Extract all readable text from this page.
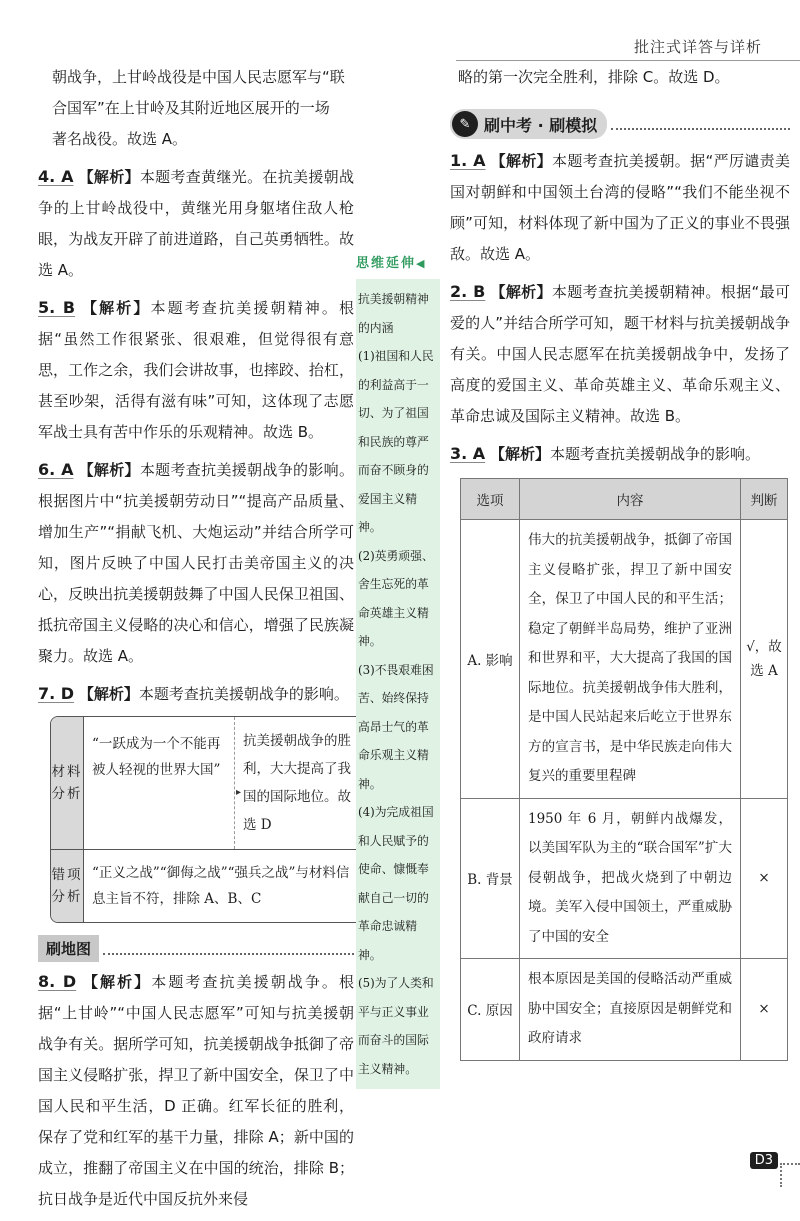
批注式详答与详析
朝战争，上甘岭战役是中国人民志愿军与“联
合国军”在上甘岭及其附近地区展开的一场
著名战役。故选 A。
4. A 【解析】本题考查黄继光。在抗美援朝战争的上甘岭战役中，黄继光用身躯堵住敌人枪眼，为战友开辟了前进道路，自己英勇牺牲。故选 A。
5. B 【解析】本题考查抗美援朝精神。根据“虽然工作很紧张、很艰难，但觉得很有意思，工作之余，我们会讲故事，也摔跤、抬杠，甚至吵架，活得有滋有味”可知，这体现了志愿军战士具有苦中作乐的乐观精神。故选 B。
6. A 【解析】本题考查抗美援朝战争的影响。根据图片中“抗美援朝劳动日”“提高产品质量、增加生产”“捐献飞机、大炮运动”并结合所学可知，图片反映了中国人民打击美帝国主义的决心，反映出抗美援朝鼓舞了中国人民保卫祖国、抵抗帝国主义侵略的决心和信心，增强了民族凝聚力。故选 A。
7. D 【解析】本题考查抗美援朝战争的影响。
材料分析
“一跃成为一个不能再被人轻视的世界大国” ▸
抗美援朝战争的胜利，大大提高了我国的国际地位。故选 D
错项分析
“正义之战”“御侮之战”“强兵之战”与材料信息主旨不符，排除 A、B、C
刷地图
8. D 【解析】本题考查抗美援朝战争。根据“上甘岭”“中国人民志愿军”可知与抗美援朝战争有关。据所学可知，抗美援朝战争抵御了帝国主义侵略扩张，捍卫了新中国安全，保卫了中国人民和平生活，D 正确。红军长征的胜利，保存了党和红军的基干力量，排除 A；新中国的成立，推翻了帝国主义在中国的统治，排除 B；抗日战争是近代中国反抗外来侵
思维延伸◀

抗美援朝精神的内涵

(1)祖国和人民的利益高于一切、为了祖国和民族的尊严而奋不顾身的爱国主义精神。

(2)英勇顽强、舍生忘死的革命英雄主义精神。

(3)不畏艰难困苦、始终保持高昂士气的革命乐观主义精神。

(4)为完成祖国和人民赋予的使命、慷慨奉献自己一切的革命忠诚精神。

(5)为了人类和平与正义事业而奋斗的国际主义精神。

略的第一次完全胜利，排除 C。故选 D。
✎ 刷中考 · 刷模拟
1. A 【解析】本题考查抗美援朝。据“严厉谴责美国对朝鲜和中国领土台湾的侵略”“我们不能坐视不顾”可知，材料体现了新中国为了正义的事业不畏强敌。故选 A。
2. B 【解析】本题考查抗美援朝精神。根据“最可爱的人”并结合所学可知，题干材料与抗美援朝战争有关。中国人民志愿军在抗美援朝战争中，发扬了高度的爱国主义、革命英雄主义、革命乐观主义、革命忠诚及国际主义精神。故选 B。
3. A 【解析】本题考查抗美援朝战争的影响。
选项	内容	判断
A. 影响	伟大的抗美援朝战争，抵御了帝国主义侵略扩张，捍卫了新中国安全，保卫了中国人民的和平生活；稳定了朝鲜半岛局势，维护了亚洲和世界和平，大大提高了我国的国际地位。抗美援朝战争伟大胜利，是中国人民站起来后屹立于世界东方的宣言书，是中华民族走向伟大复兴的重要里程碑	√，故选 A
B. 背景	1950 年 6 月，朝鲜内战爆发，以美国军队为主的“联合国军”扩大侵朝战争，把战火烧到了中朝边境。美军入侵中国领土，严重威胁了中国的安全	×
C. 原因	根本原因是美国的侵略活动严重威胁中国安全；直接原因是朝鲜党和政府请求	×
D3
